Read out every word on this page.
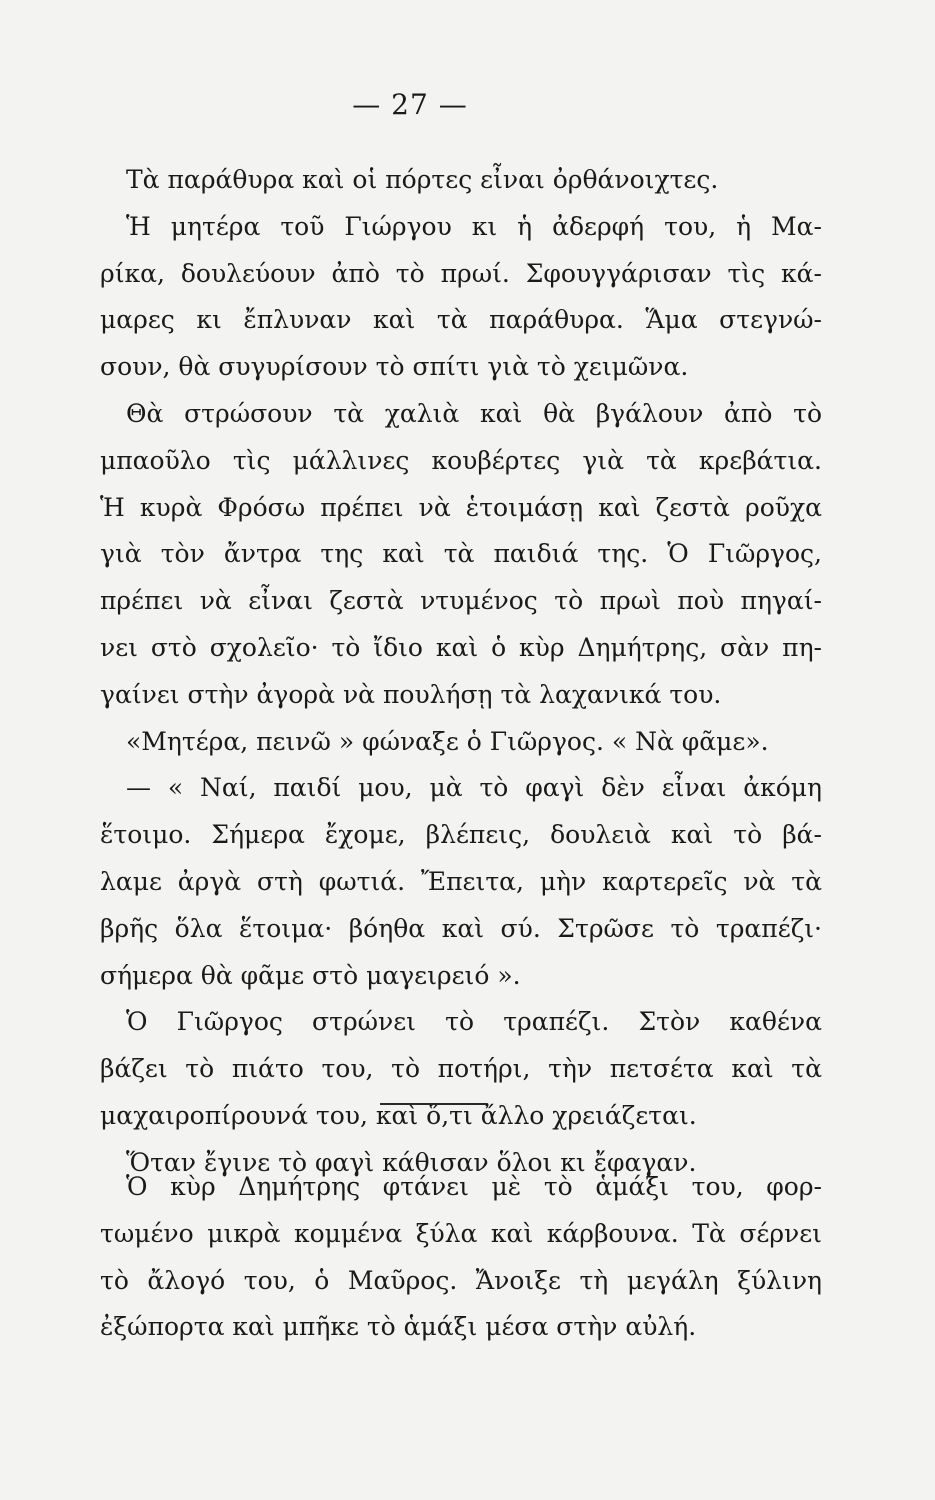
— 27 —
Τὰ παράθυρα καὶ οἱ πόρτες εἶναι ὀρθάνοιχτες.
Ἡ μητέρα τοῦ Γιώργου κι ἡ ἀδερφή του, ἡ Μα-
ρίκα, δουλεύουν ἀπὸ τὸ πρωί. Σφουγγάρισαν τὶς κά-
μαρες κι ἔπλυναν καὶ τὰ παράθυρα. Ἅμα στεγνώ-
σουν, θὰ συγυρίσουν τὸ σπίτι γιὰ τὸ χειμῶνα.
Θὰ στρώσουν τὰ χαλιὰ καὶ θὰ βγάλουν ἀπὸ τὸ
μπαοῦλο τὶς μάλλινες κουβέρτες γιὰ τὰ κρεβάτια.
Ἡ κυρὰ Φρόσω πρέπει νὰ ἑτοιμάσῃ καὶ ζεστὰ ροῦχα
γιὰ τὸν ἄντρα της καὶ τὰ παιδιά της. Ὁ Γιῶργος,
πρέπει νὰ εἶναι ζεστὰ ντυμένος τὸ πρωὶ ποὺ πηγαί-
νει στὸ σχολεῖο· τὸ ἴδιο καὶ ὁ κὺρ Δημήτρης, σὰν πη-
γαίνει στὴν ἀγορὰ νὰ πουλήσῃ τὰ λαχανικά του.
«Μητέρα, πεινῶ » φώναξε ὁ Γιῶργος. « Νὰ φᾶμε».
— « Ναί, παιδί μου, μὰ τὸ φαγὶ δὲν εἶναι ἀκόμη
ἕτοιμο. Σήμερα ἔχομε, βλέπεις, δουλειὰ καὶ τὸ βά-
λαμε ἀργὰ στὴ φωτιά. Ἔπειτα, μὴν καρτερεῖς νὰ τὰ
βρῆς ὅλα ἕτοιμα· βόηθα καὶ σύ. Στρῶσε τὸ τραπέζι·
σήμερα θὰ φᾶμε στὸ μαγειρειό ».
Ὁ Γιῶργος στρώνει τὸ τραπέζι. Στὸν καθένα
βάζει τὸ πιάτο του, τὸ ποτήρι, τὴν πετσέτα καὶ τὰ
μαχαιροπίρουνά του, καὶ ὅ,τι ἄλλο χρειάζεται.
Ὅταν ἔγινε τὸ φαγὶ κάθισαν ὅλοι κι ἔφαγαν.
Ὁ κὺρ Δημήτρης φτάνει μὲ τὸ ἁμάξι του, φορ-
τωμένο μικρὰ κομμένα ξύλα καὶ κάρβουνα. Τὰ σέρνει
τὸ ἄλογό του, ὁ Μαῦρος. Ἄνοιξε τὴ μεγάλη ξύλινη
ἐξώπορτα καὶ μπῆκε τὸ ἁμάξι μέσα στὴν αὐλή.
